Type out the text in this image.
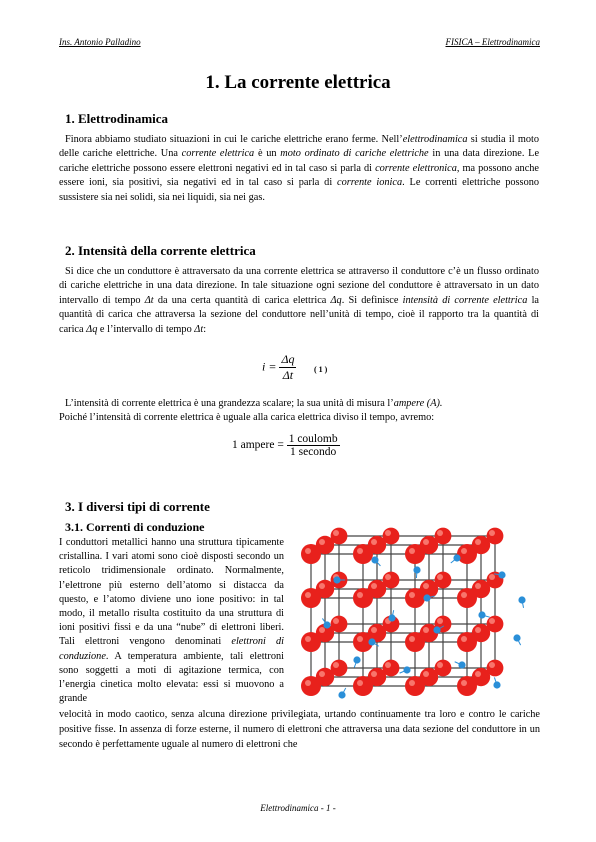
Ins. Antonio Palladino	FISICA – Elettrodinamica
1. La corrente elettrica
1. Elettrodinamica

Finora abbiamo studiato situazioni in cui le cariche elettriche erano ferme. Nell’elettrodinamica si studia il moto delle cariche elettriche. Una corrente elettrica è un moto ordinato di cariche elettriche in una data direzione. Le cariche elettriche possono essere elettroni negativi ed in tal caso si parla di corrente elettronica, ma possono anche essere ioni, sia positivi, sia negativi ed in tal caso si parla di corrente ionica. Le correnti elettriche possono sussistere sia nei solidi, sia nei liquidi, sia nei gas.

2. Intensità della corrente elettrica

Si dice che un conduttore è attraversato da una corrente elettrica se attraverso il conduttore c’è un flusso ordinato di cariche elettriche in una data direzione. In tale situazione ogni sezione del conduttore è attraversato in un dato intervallo di tempo Δt da una certa quantità di carica elettrica Δq. Si definisce intensità di corrente elettrica la quantità di carica che attraversa la sezione del conduttore nell’unità di tempo, cioè il rapporto tra la quantità di carica Δq e l’intervallo di tempo Δt:

$i = \frac{\Delta q}{\Delta t}$ ( 1 )

L’intensità di corrente elettrica è una grandezza scalare; la sua unità di misura l’ampere (A).

Poiché l’intensità di corrente elettrica è uguale alla carica elettrica diviso il tempo, avremo:
1 ampere = $\frac{\text{1 coulomb}}{\text{1 secondo}}$
3. I diversi tipi di corrente
3.1. Correnti di conduzione

I conduttori metallici hanno una struttura tipicamente cristallina. I vari atomi sono cioè disposti secondo un reticolo tridimensionale ordinato. Normalmente, l’elettrone più esterno dell’atomo si distacca da questo, e l’atomo diviene uno ione positivo: in tal modo, il metallo risulta costituito da una struttura di ioni positivi fissi e da una “nube” di elettroni liberi. Tali elettroni vengono denominati elettroni di conduzione. A temperatura ambiente, tali elettroni sono soggetti a moti di agitazione termica, con l’energia cinetica molto elevata: essi si muovono a grande

velocità in modo caotico, senza alcuna direzione privilegiata, urtando continuamente tra loro e contro le cariche positive fisse. In assenza di forze esterne, il numero di elettroni che attraversa una data sezione del conduttore in un secondo è perfettamente uguale al numero di elettroni che

Elettrodinamica - 1 -
